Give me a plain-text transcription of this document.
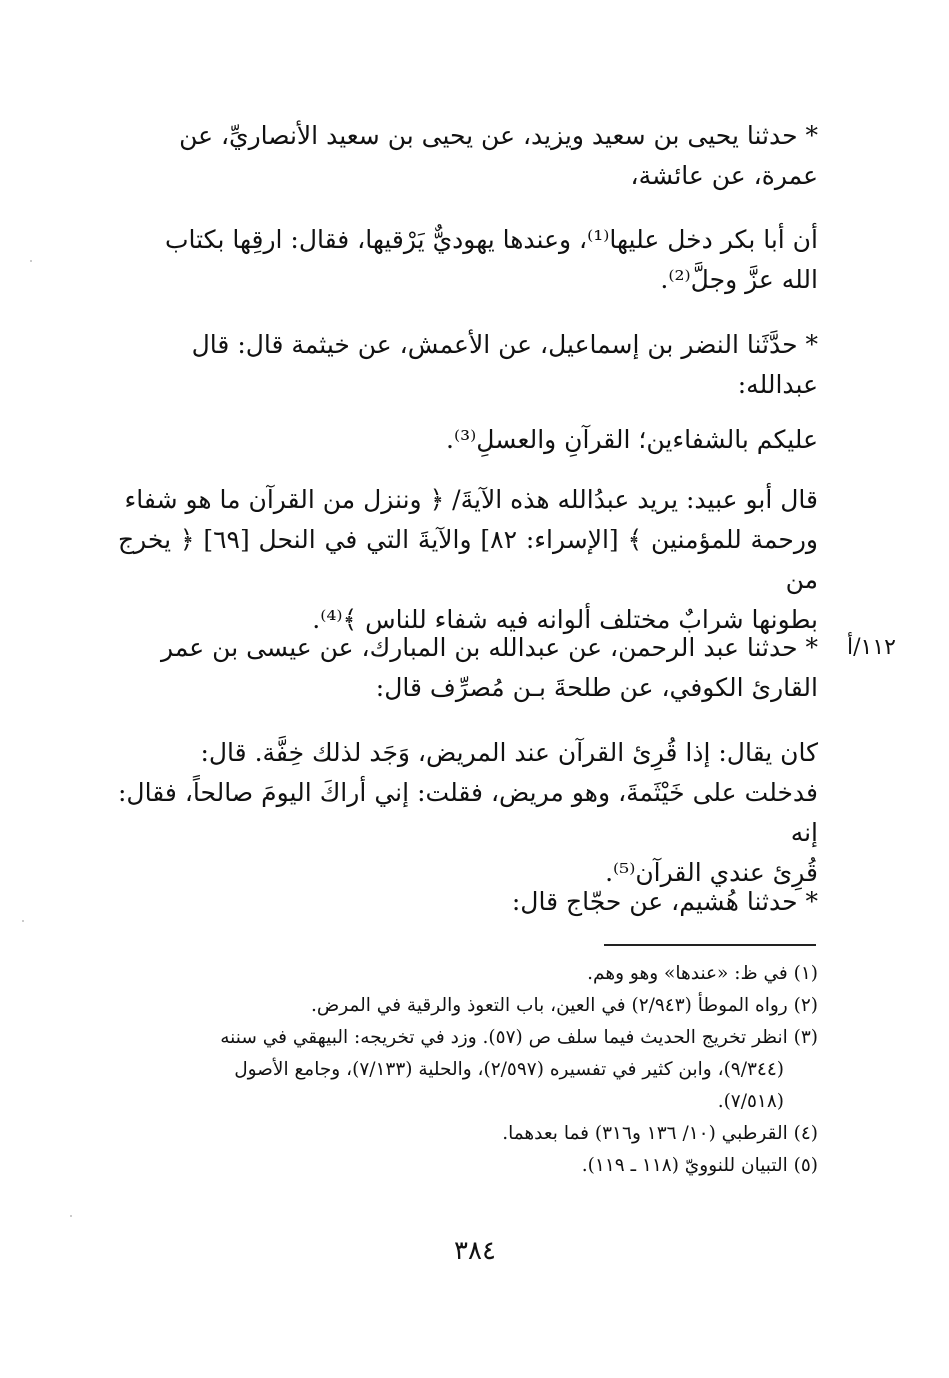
* حدثنا يحيى بن سعيد ويزيد، عن يحيى بن سعيد الأنصاريِّ، عن
عمرة، عن عائشة،
أن أبا بكر دخل عليها⁽¹⁾، وعندها يهوديٌّ يَرْقيها، فقال: ارقِها بكتاب
الله عزَّ وجلَّ⁽²⁾.
* حدَّثَنا النضر بن إسماعيل، عن الأعمش، عن خيثمة قال: قال
عبدالله:
عليكم بالشفاءين؛ القرآنِ والعسلِ⁽³⁾.
قال أبو عبيد: يريد عبدُالله هذه الآيةَ/ ﴿ وننزل من القرآن ما هو شفاء
ورحمة للمؤمنين ﴾ [الإسراء: ٨٢] والآيةَ التي في النحل [٦٩] ﴿ يخرج من
بطونها شرابٌ مختلف ألوانه فيه شفاء للناس ﴾⁽⁴⁾.
١١٢/أ
* حدثنا عبد الرحمن، عن عبدالله بن المبارك، عن عيسى بن عمر
القارئ الكوفي، عن طلحةَ بـن مُصرِّف قال:
كان يقال: إذا قُرِئ القرآن عند المريض، وَجَد لذلك خِفَّة. قال:
فدخلت على خَيْثَمةَ، وهو مريض، فقلت: إني أراكَ اليومَ صالحاً، فقال: إنه
قُرِئ عندي القرآن⁽⁵⁾.
* حدثنا هُشيم، عن حجّاج قال:
(١) في ظ: «عندها» وهو وهم.
(٢) رواه الموطأ (٢/٩٤٣) في العين، باب التعوذ والرقية في المرض.
(٣) انظر تخريج الحديث فيما سلف ص (٥٧). وزد في تخريجه: البيهقي في سننه
(٩/٣٤٤)، وابن كثير في تفسيره (٢/٥٩٧)، والحلية (٧/١٣٣)، وجامع الأصول
(٧/٥١٨).
(٤) القرطبي (١٠/ ١٣٦ و٣١٦) فما بعدهما.
(٥) التبيان للنوويّ (١١٨ ـ ١١٩).
٣٨٤
